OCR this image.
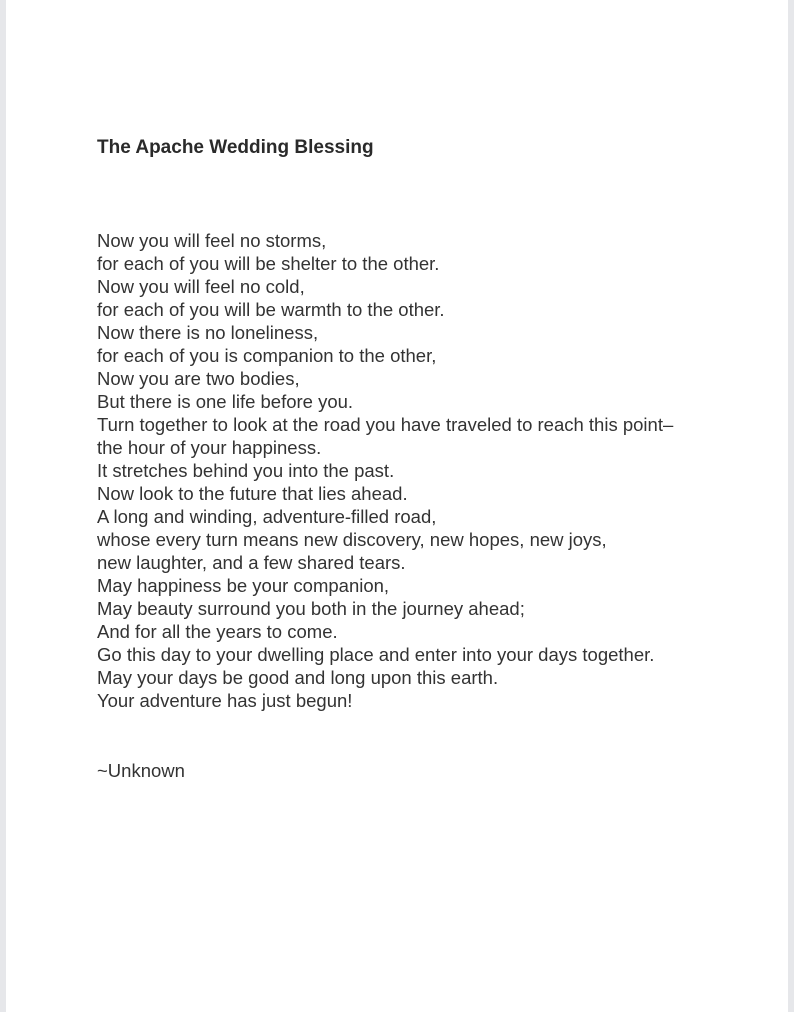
The Apache Wedding Blessing
Now you will feel no storms,
for each of you will be shelter to the other.
Now you will feel no cold,
for each of you will be warmth to the other.
Now there is no loneliness,
for each of you is companion to the other,
Now you are two bodies,
But there is one life before you.
Turn together to look at the road you have traveled to reach this point–
the hour of your happiness.
It stretches behind you into the past.
Now look to the future that lies ahead.
A long and winding, adventure-filled road,
whose every turn means new discovery, new hopes, new joys,
new laughter, and a few shared tears.
May happiness be your companion,
May beauty surround you both in the journey ahead;
And for all the years to come.
Go this day to your dwelling place and enter into your days together.
May your days be good and long upon this earth.
Your adventure has just begun!

~Unknown
